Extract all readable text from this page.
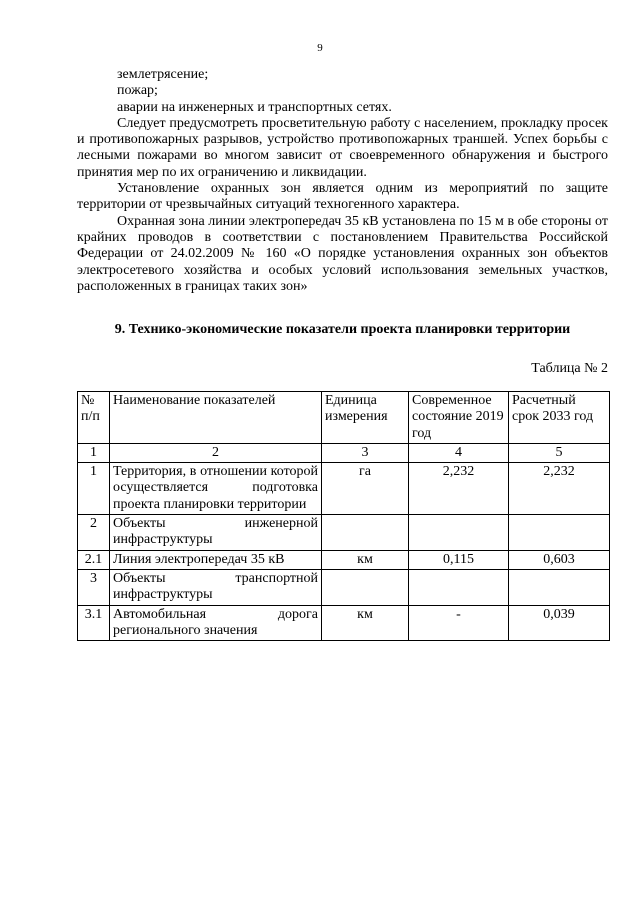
9

землетрясение;

пожар;

аварии на инженерных и транспортных сетях.

Следует предусмотреть просветительную работу с населением, прокладку просек и противопожарных разрывов, устройство противопожарных траншей. Успех борьбы с лесными пожарами во многом зависит от своевременного обнаружения и быстрого принятия мер по их ограничению и ликвидации.

Установление охранных зон является одним из мероприятий по защите территории от чрезвычайных ситуаций техногенного характера.

Охранная зона линии электропередач 35 кВ установлена по 15 м в обе стороны от крайних проводов в соответствии с постановлением Правительства Российской Федерации от 24.02.2009 № 160 «О порядке установления охранных зон объектов электросетевого хозяйства и особых условий использования земельных участков, расположенных в границах таких зон»

9. Технико-экономические показатели проекта планировки территории

Таблица № 2

№ п/п	Наименование показателей	Единица измерения	Современное состояние 2019 год	Расчетный срок 2033 год
1	2	3	4	5
1	Территория, в отношении которой осуществляется подготовка проекта планировки территории	га	2,232	2,232
2	Объекты инженерной инфраструктуры			
2.1	Линия электропередач 35 кВ	км	0,115	0,603
3	Объекты транспортной инфраструктуры			
3.1	Автомобильная дорога регионального значения	км	-	0,039
